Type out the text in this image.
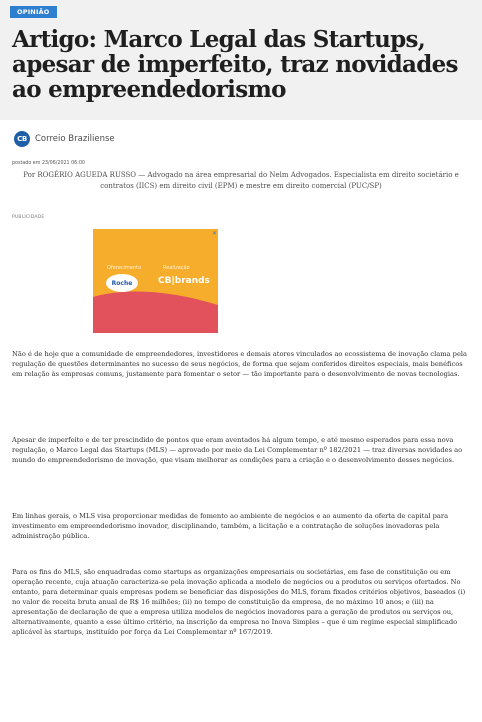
OPINIÃO
Artigo: Marco Legal das Startups, apesar de imperfeito, traz novidades ao empreendedorismo
CB Correio Braziliense
postado em 23/06/2021 06:00

Por ROGÉRIO AGUEDA RUSSO — Advogado na área empresarial do Nelm Advogados. Especialista em direito societário e contratos (IICS) em direito civil (EPM) e mestre em direito comercial (PUC/SP)

PUBLICIDADE
Oferecimento	Realização
Roche	CB|brands
✕

Não é de hoje que a comunidade de empreendedores, investidores e demais atores vinculados ao ecossistema de inovação clama pela regulação de questões determinantes no sucesso de seus negócios, de forma que sejam conferidos direitos especiais, mais benéficos em relação às empresas comuns, justamente para fomentar o setor — tão importante para o desenvolvimento de novas tecnologias.

Apesar de imperfeito e de ter prescindido de pontos que eram aventados há algum tempo, e até mesmo esperados para essa nova regulação, o Marco Legal das Startups (MLS) — aprovado por meio da Lei Complementar nº 182/2021 — traz diversas novidades ao mundo do empreendedorismo de inovação, que visam melhorar as condições para a criação e o desenvolvimento desses negócios.

Em linhas gerais, o MLS visa proporcionar medidas de fomento ao ambiente de negócios e ao aumento da oferta de capital para investimento em empreendedorismo inovador, disciplinando, também, a licitação e a contratação de soluções inovadoras pela administração pública.

Para os fins do MLS, são enquadradas como startups as organizações empresariais ou societárias, em fase de constituição ou em operação recente, cuja atuação caracteriza-se pela inovação aplicada a modelo de negócios ou a produtos ou serviços ofertados. No entanto, para determinar quais empresas podem se beneficiar das disposições do MLS, foram fixados critérios objetivos, baseados (i) no valor de receita bruta anual de R$ 16 milhões; (ii) no tempo de constituição da empresa, de no máximo 10 anos; e (iii) na apresentação de declaração de que a empresa utiliza modelos de negócios inovadores para a geração de produtos ou serviços ou, alternativamente, quanto a esse último critério, na inscrição da empresa no Inova Simples – que é um regime especial simplificado aplicável às startups, instituído por força da Lei Complementar nº 167/2019.
